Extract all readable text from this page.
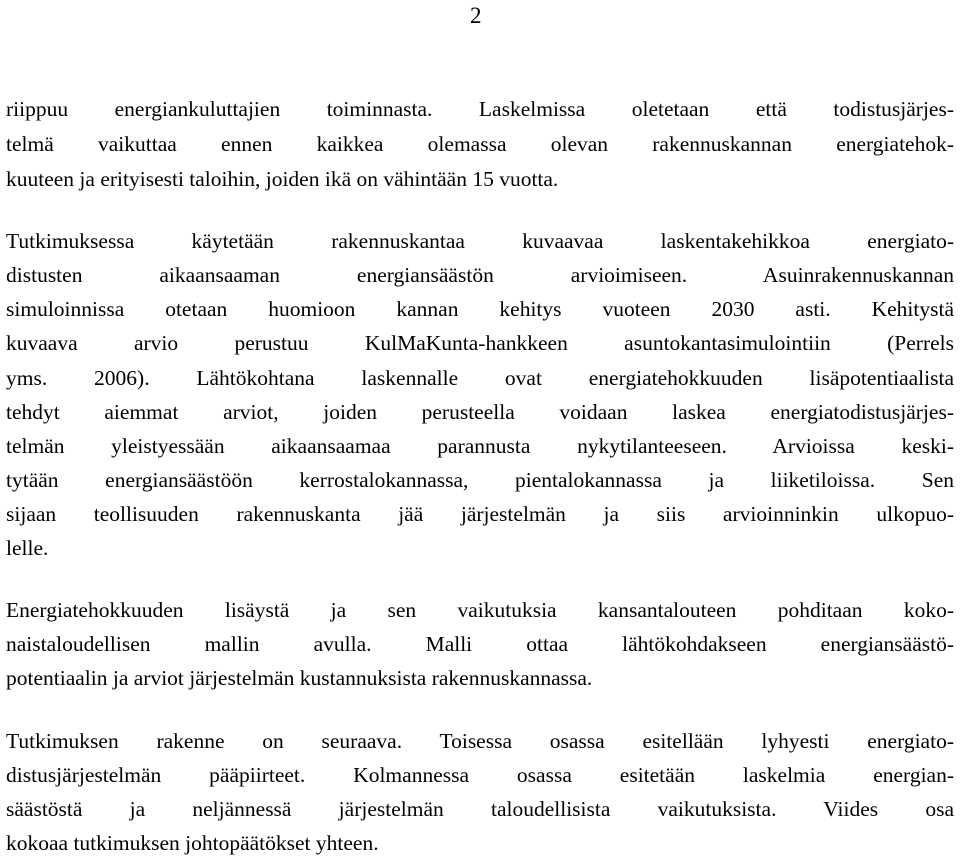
2
riippuu energiankuluttajien toiminnasta. Laskelmissa oletetaan että todistusjärjes-
telmä vaikuttaa ennen kaikkea olemassa olevan rakennuskannan energiatehok-
kuuteen ja erityisesti taloihin, joiden ikä on vähintään 15 vuotta.
Tutkimuksessa käytetään rakennuskantaa kuvaavaa laskentakehikkoa energiato-
distusten aikaansaaman energiansäästön arvioimiseen. Asuinrakennuskannan
simuloinnissa otetaan huomioon kannan kehitys vuoteen 2030 asti. Kehitystä
kuvaava arvio perustuu KulMaKunta-hankkeen asuntokantasimulointiin (Perrels
yms. 2006). Lähtökohtana laskennalle ovat energiatehokkuuden lisäpotentiaalista
tehdyt aiemmat arviot, joiden perusteella voidaan laskea energiatodistusjärjes-
telmän yleistyessään aikaansaamaa parannusta nykytilanteeseen. Arvioissa keski-
tytään energiansäästöön kerrostalokannassa, pientalokannassa ja liiketiloissa. Sen
sijaan teollisuuden rakennuskanta jää järjestelmän ja siis arvioinninkin ulkopuo-
lelle.
Energiatehokkuuden lisäystä ja sen vaikutuksia kansantalouteen pohditaan koko-
naistaloudellisen mallin avulla. Malli ottaa lähtökohdakseen energiansäästö-
potentiaalin ja arviot järjestelmän kustannuksista rakennuskannassa.
Tutkimuksen rakenne on seuraava. Toisessa osassa esitellään lyhyesti energiato-
distusjärjestelmän pääpiirteet. Kolmannessa osassa esitetään laskelmia energian-
säästöstä ja neljännessä järjestelmän taloudellisista vaikutuksista. Viides osa
kokoaa tutkimuksen johtopäätökset yhteen.
